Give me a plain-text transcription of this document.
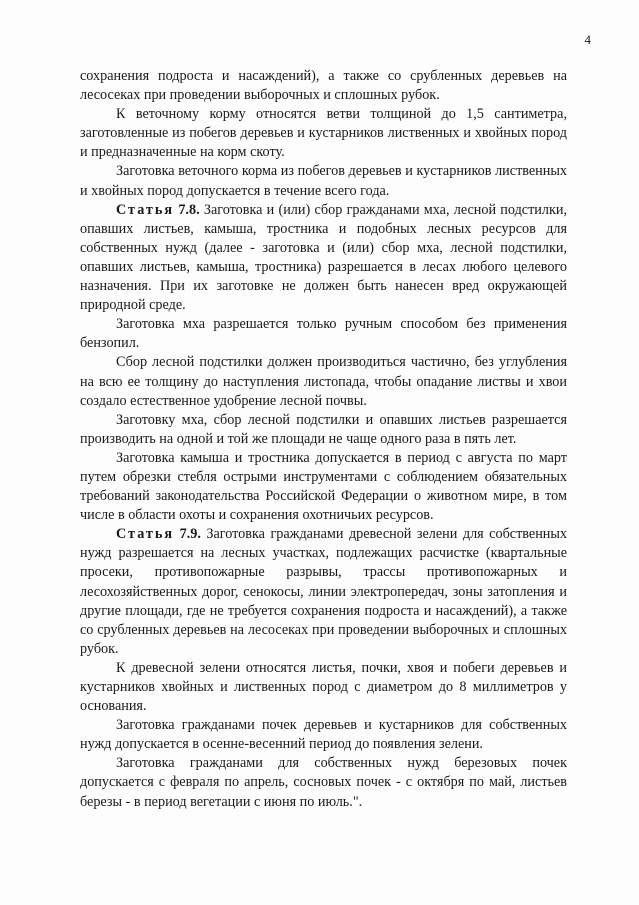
4

сохранения подроста и насаждений), а также со срубленных деревьев на лесосеках при проведении выборочных и сплошных рубок.

К веточному корму относятся ветви толщиной до 1,5 сантиметра, заготовленные из побегов деревьев и кустарников лиственных и хвойных пород и предназначенные на корм скоту.

Заготовка веточного корма из побегов деревьев и кустарников лиственных и хвойных пород допускается в течение всего года.

Статья 7.8. Заготовка и (или) сбор гражданами мха, лесной подстилки, опавших листьев, камыша, тростника и подобных лесных ресурсов для собственных нужд (далее - заготовка и (или) сбор мха, лесной подстилки, опавших листьев, камыша, тростника) разрешается в лесах любого целевого назначения. При их заготовке не должен быть нанесен вред окружающей природной среде.

Заготовка мха разрешается только ручным способом без применения бензопил.

Сбор лесной подстилки должен производиться частично, без углубления на всю ее толщину до наступления листопада, чтобы опадание листвы и хвои создало естественное удобрение лесной почвы.

Заготовку мха, сбор лесной подстилки и опавших листьев разрешается производить на одной и той же площади не чаще одного раза в пять лет.

Заготовка камыша и тростника допускается в период с августа по март путем обрезки стебля острыми инструментами с соблюдением обязательных требований законодательства Российской Федерации о животном мире, в том числе в области охоты и сохранения охотничьих ресурсов.

Статья 7.9. Заготовка гражданами древесной зелени для собственных нужд разрешается на лесных участках, подлежащих расчистке (квартальные просеки, противопожарные разрывы, трассы противопожарных и лесохозяйственных дорог, сенокосы, линии электропередач, зоны затопления и другие площади, где не требуется сохранения подроста и насаждений), а также со срубленных деревьев на лесосеках при проведении выборочных и сплошных рубок.

К древесной зелени относятся листья, почки, хвоя и побеги деревьев и кустарников хвойных и лиственных пород с диаметром до 8 миллиметров у основания.

Заготовка гражданами почек деревьев и кустарников для собственных нужд допускается в осенне-весенний период до появления зелени.

Заготовка гражданами для собственных нужд березовых почек допускается с февраля по апрель, сосновых почек - с октября по май, листьев березы - в период вегетации с июня по июль.".
